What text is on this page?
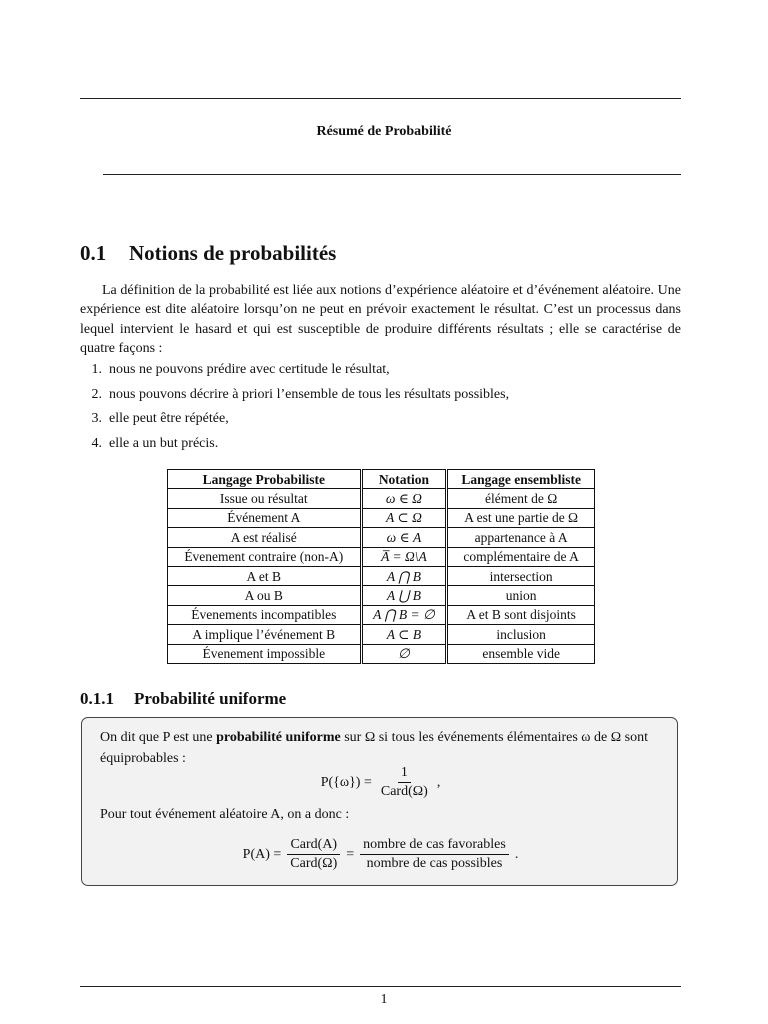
Résumé de Probabilité
0.1 Notions de probabilités

La définition de la probabilité est liée aux notions d’expérience aléatoire et d’événement aléatoire. Une expérience est dite aléatoire lorsqu’on ne peut en prévoir exactement le résultat. C’est un processus dans lequel intervient le hasard et qui est susceptible de produire différents résultats ; elle se caractérise de quatre façons :

1. nous ne pouvons prédire avec certitude le résultat,
2. nous pouvons décrire à priori l’ensemble de tous les résultats possibles,
3. elle peut être répétée,
4. elle a un but précis.
Langage Probabiliste	Notation	Langage ensembliste
Issue ou résultat	ω ∈ Ω	élément de Ω
Événement A	A ⊂ Ω	A est une partie de Ω
A est réalisé	ω ∈ A	appartenance à A
Évenement contraire (non-A)	A̅ = Ω\A	complémentaire de A
A et B	A ⋂ B	intersection
A ou B	A ⋃ B	union
Évenements incompatibles	A ⋂ B = ∅	A et B sont disjoints
A implique l’événement B	A ⊂ B	inclusion
Évenement impossible	∅	ensemble vide
0.1.1 Probabilité uniforme
On dit que P est une probabilité uniforme sur Ω si tous les événements élémentaires ω de Ω sont équiprobables :
$P(\{\omega\}) = \frac{1}{\text{Card(Ω)}}$ ,
Pour tout événement aléatoire A, on a donc :
$P(A) = \frac{\text{Card(A)}}{\text{Card(Ω)}} = \frac{\text{nombre de cas favorables}}{\text{nombre de cas possibles}}$ .
1
